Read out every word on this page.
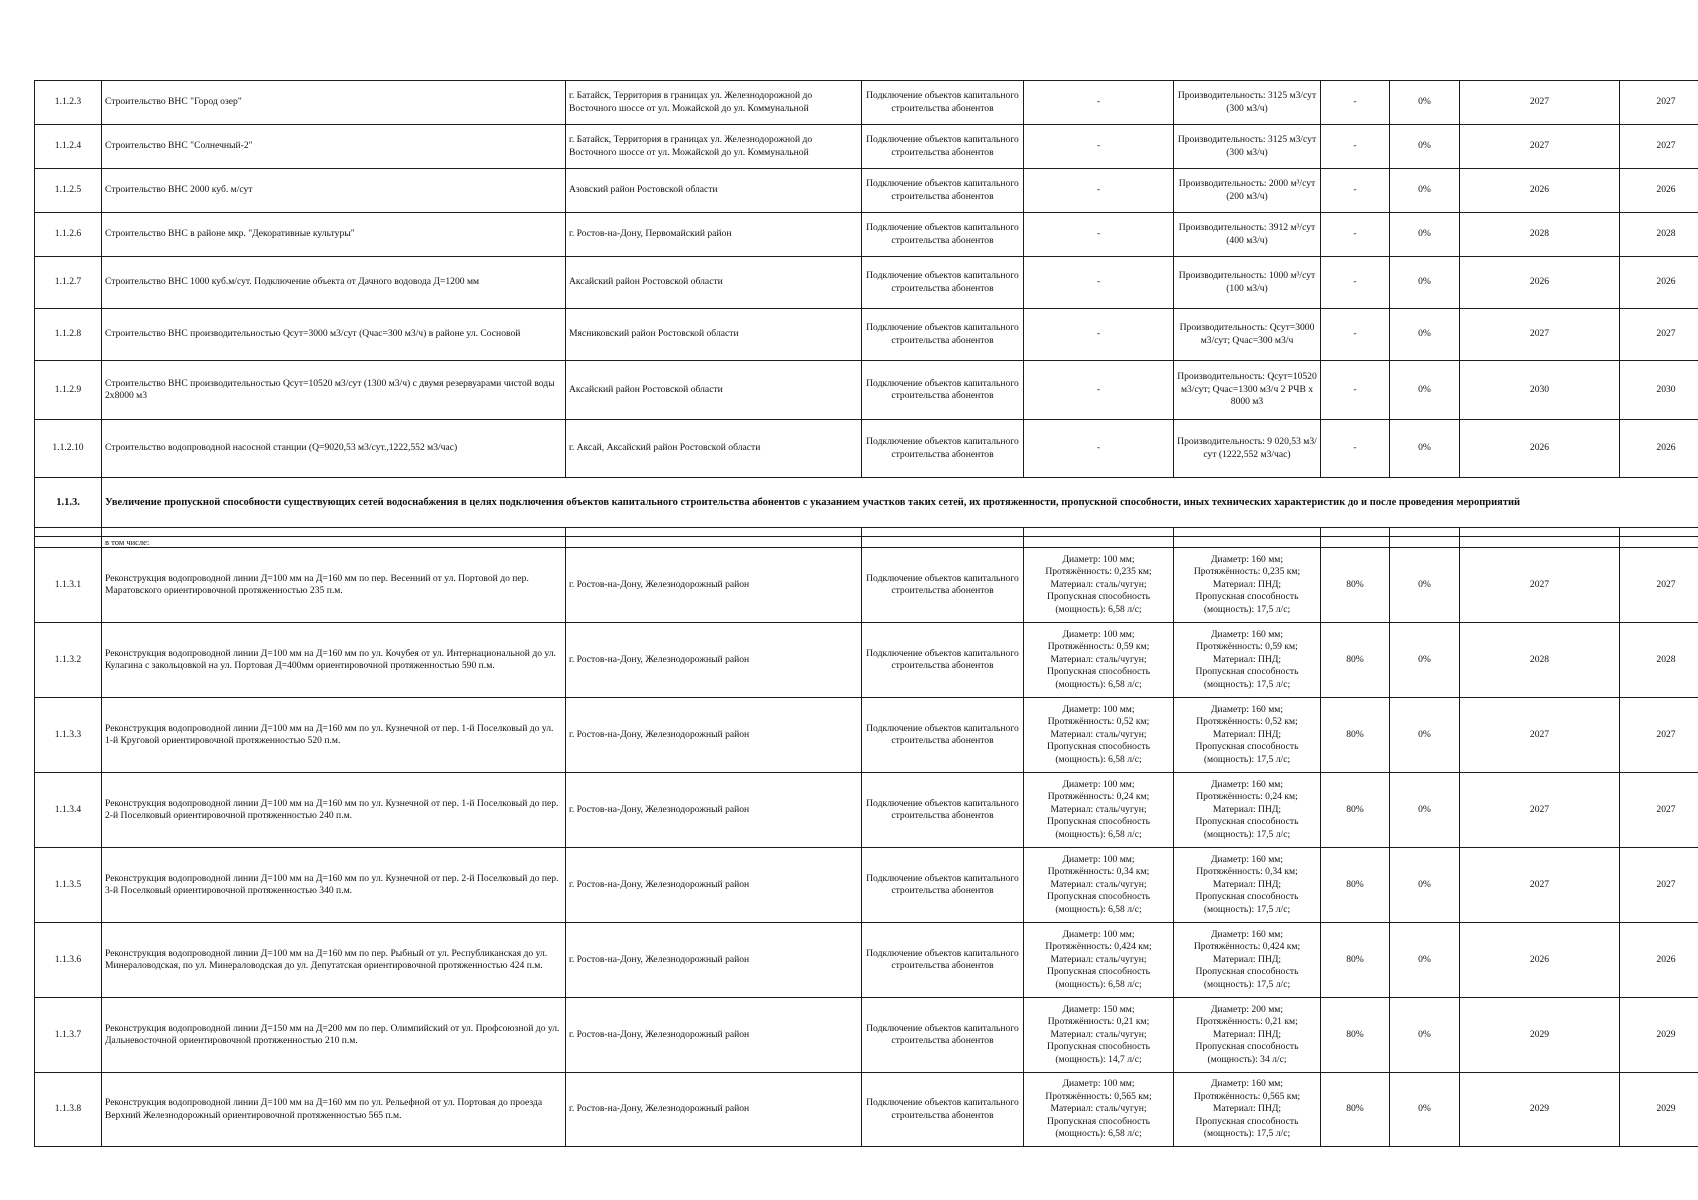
1.1.2.3	Строительство ВНС "Город озер"	г. Батайск, Территория в границах ул. Железнодорожной до Восточного шоссе от ул. Можайской до ул. Коммунальной	Подключение объектов капитального строительства абонентов	-	Производительность: 3125 м3/сут (300 м3/ч)	-	0%	2027	2027
1.1.2.4	Строительство ВНС "Солнечный-2"	г. Батайск, Территория в границах ул. Железнодорожной до Восточного шоссе от ул. Можайской до ул. Коммунальной	Подключение объектов капитального строительства абонентов	-	Производительность: 3125 м3/сут (300 м3/ч)	-	0%	2027	2027
1.1.2.5	Строительство ВНС 2000 куб. м/сут	Азовский район Ростовской области	Подключение объектов капитального строительства абонентов	-	Производительность: 2000 м³/сут (200 м3/ч)	-	0%	2026	2026
1.1.2.6	Строительство ВНС в районе мкр. "Декоративные культуры"	г. Ростов-на-Дону, Первомайский район	Подключение объектов капитального строительства абонентов	-	Производительность: 3912 м³/сут (400 м3/ч)	-	0%	2028	2028
1.1.2.7	Строительство ВНС 1000 куб.м/сут. Подключение объекта от Дачного водовода Д=1200 мм	Аксайский район Ростовской области	Подключение объектов капитального строительства абонентов	-	Производительность: 1000 м³/сут (100 м3/ч)	-	0%	2026	2026
1.1.2.8	Строительство ВНС производительностью Qсут=3000 м3/сут (Qчас=300 м3/ч) в районе ул. Сосновой	Мясниковский район Ростовской области	Подключение объектов капитального строительства абонентов	-	Производительность: Qсут=3000 м3/сут; Qчас=300 м3/ч	-	0%	2027	2027
1.1.2.9	Строительство ВНС производительностью Qсут=10520 м3/сут (1300 м3/ч) с двумя резервуарами чистой воды 2х8000 м3	Аксайский район Ростовской области	Подключение объектов капитального строительства абонентов	-	Производительность: Qсут=10520 м3/сут; Qчас=1300 м3/ч 2 РЧВ х 8000 м3	-	0%	2030	2030
1.1.2.10	Строительство водопроводной насосной станции (Q=9020,53 м3/сут.,1222,552 м3/час)	г. Аксай, Аксайский район Ростовской области	Подключение объектов капитального строительства абонентов	-	Производительность: 9 020,53 м3/сут (1222,552 м3/час)	-	0%	2026	2026
1.1.3.	Увеличение пропускной способности существующих сетей водоснабжения в целях подключения объектов капитального строительства абонентов с указанием участков таких сетей, их протяженности, пропускной способности, иных технических характеристик до и после проведения мероприятий								

	в том числе:								
1.1.3.1	Реконструкция водопроводной линии Д=100 мм на Д=160 мм по пер. Весенний от ул. Портовой до пер. Маратовского ориентировочной протяженностью 235 п.м.	г. Ростов-на-Дону, Железнодорожный район	Подключение объектов капитального строительства абонентов	Диаметр: 100 мм;
Протяжённость: 0,235 км;
Материал: сталь/чугун;
Пропускная способность
(мощность): 6,58 л/с;	Диаметр: 160 мм;
Протяжённость: 0,235 км;
Материал: ПНД;
Пропускная способность
(мощность): 17,5 л/с;	80%	0%	2027	2027
1.1.3.2	Реконструкция водопроводной линии Д=100 мм на Д=160 мм по ул. Кочубея от ул. Интернациональной до ул. Кулагина с закольцовкой на ул. Портовая Д=400мм ориентировочной протяженностью 590 п.м.	г. Ростов-на-Дону, Железнодорожный район	Подключение объектов капитального строительства абонентов	Диаметр: 100 мм;
Протяжённость: 0,59 км;
Материал: сталь/чугун;
Пропускная способность
(мощность): 6,58 л/с;	Диаметр: 160 мм;
Протяжённость: 0,59 км;
Материал: ПНД;
Пропускная способность
(мощность): 17,5 л/с;	80%	0%	2028	2028
1.1.3.3	Реконструкция водопроводной линии Д=100 мм на Д=160 мм по ул. Кузнечной от пер. 1-й Поселковый до ул. 1-й Круговой ориентировочной протяженностью 520 п.м.	г. Ростов-на-Дону, Железнодорожный район	Подключение объектов капитального строительства абонентов	Диаметр: 100 мм;
Протяжённость: 0,52 км;
Материал: сталь/чугун;
Пропускная способность
(мощность): 6,58 л/с;	Диаметр: 160 мм;
Протяжённость: 0,52 км;
Материал: ПНД;
Пропускная способность
(мощность): 17,5 л/с;	80%	0%	2027	2027
1.1.3.4	Реконструкция водопроводной линии Д=100 мм на Д=160 мм по ул. Кузнечной от пер. 1-й Поселковый до пер. 2-й Поселковый ориентировочной протяженностью 240 п.м.	г. Ростов-на-Дону, Железнодорожный район	Подключение объектов капитального строительства абонентов	Диаметр: 100 мм;
Протяжённость: 0,24 км;
Материал: сталь/чугун;
Пропускная способность
(мощность): 6,58 л/с;	Диаметр: 160 мм;
Протяжённость: 0,24 км;
Материал: ПНД;
Пропускная способность
(мощность): 17,5 л/с;	80%	0%	2027	2027
1.1.3.5	Реконструкция водопроводной линии Д=100 мм на Д=160 мм по ул. Кузнечной от пер. 2-й Поселковый до пер. 3-й Поселковый ориентировочной протяженностью 340 п.м.	г. Ростов-на-Дону, Железнодорожный район	Подключение объектов капитального строительства абонентов	Диаметр: 100 мм;
Протяжённость: 0,34 км;
Материал: сталь/чугун;
Пропускная способность
(мощность): 6,58 л/с;	Диаметр: 160 мм;
Протяжённость: 0,34 км;
Материал: ПНД;
Пропускная способность
(мощность): 17,5 л/с;	80%	0%	2027	2027
1.1.3.6	Реконструкция водопроводной линии Д=100 мм на Д=160 мм по пер. Рыбный от ул. Республиканская до ул. Минераловодская, по ул. Минераловодская до ул. Депутатская ориентировочной протяженностью 424 п.м.	г. Ростов-на-Дону, Железнодорожный район	Подключение объектов капитального строительства абонентов	Диаметр: 100 мм;
Протяжённость: 0,424 км;
Материал: сталь/чугун;
Пропускная способность
(мощность): 6,58 л/с;	Диаметр: 160 мм;
Протяжённость: 0,424 км;
Материал: ПНД;
Пропускная способность
(мощность): 17,5 л/с;	80%	0%	2026	2026
1.1.3.7	Реконструкция водопроводной линии Д=150 мм на Д=200 мм по пер. Олимпийский от ул. Профсоюзной до ул. Дальневосточной ориентировочной протяженностью 210 п.м.	г. Ростов-на-Дону, Железнодорожный район	Подключение объектов капитального строительства абонентов	Диаметр: 150 мм;
Протяжённость: 0,21 км;
Материал: сталь/чугун;
Пропускная способность
(мощность): 14,7 л/с;	Диаметр: 200 мм;
Протяжённость: 0,21 км;
Материал: ПНД;
Пропускная способность
(мощность): 34 л/с;	80%	0%	2029	2029
1.1.3.8	Реконструкция водопроводной линии Д=100 мм на Д=160 мм по ул. Рельефной от ул. Портовая до проезда Верхний Железнодорожный ориентировочной протяженностью 565 п.м.	г. Ростов-на-Дону, Железнодорожный район	Подключение объектов капитального строительства абонентов	Диаметр: 100 мм;
Протяжённость: 0,565 км;
Материал: сталь/чугун;
Пропускная способность
(мощность): 6,58 л/с;	Диаметр: 160 мм;
Протяжённость: 0,565 км;
Материал: ПНД;
Пропускная способность
(мощность): 17,5 л/с;	80%	0%	2029	2029
